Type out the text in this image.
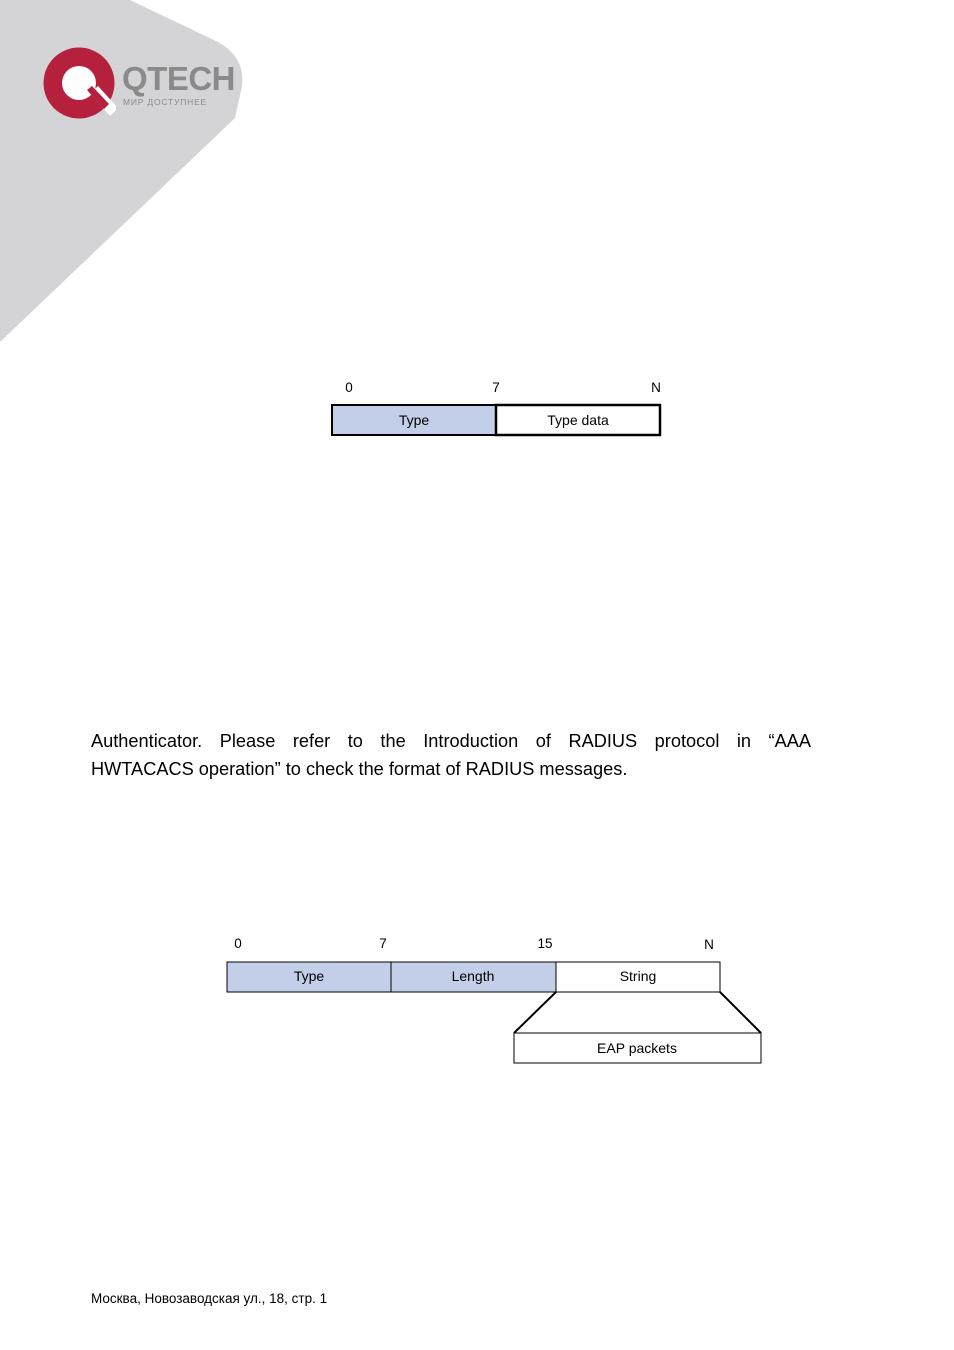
QTECH
МИР ДОСТУПНЕЕ
0	7	N
Type	Type data
Authenticator. Please refer to the Introduction of RADIUS protocol in “AAA
HWTACACS operation” to check the format of RADIUS messages.
0	7	15	N
Type	Length	String
EAP packets
Москва, Новозаводская ул., 18, стр. 1
